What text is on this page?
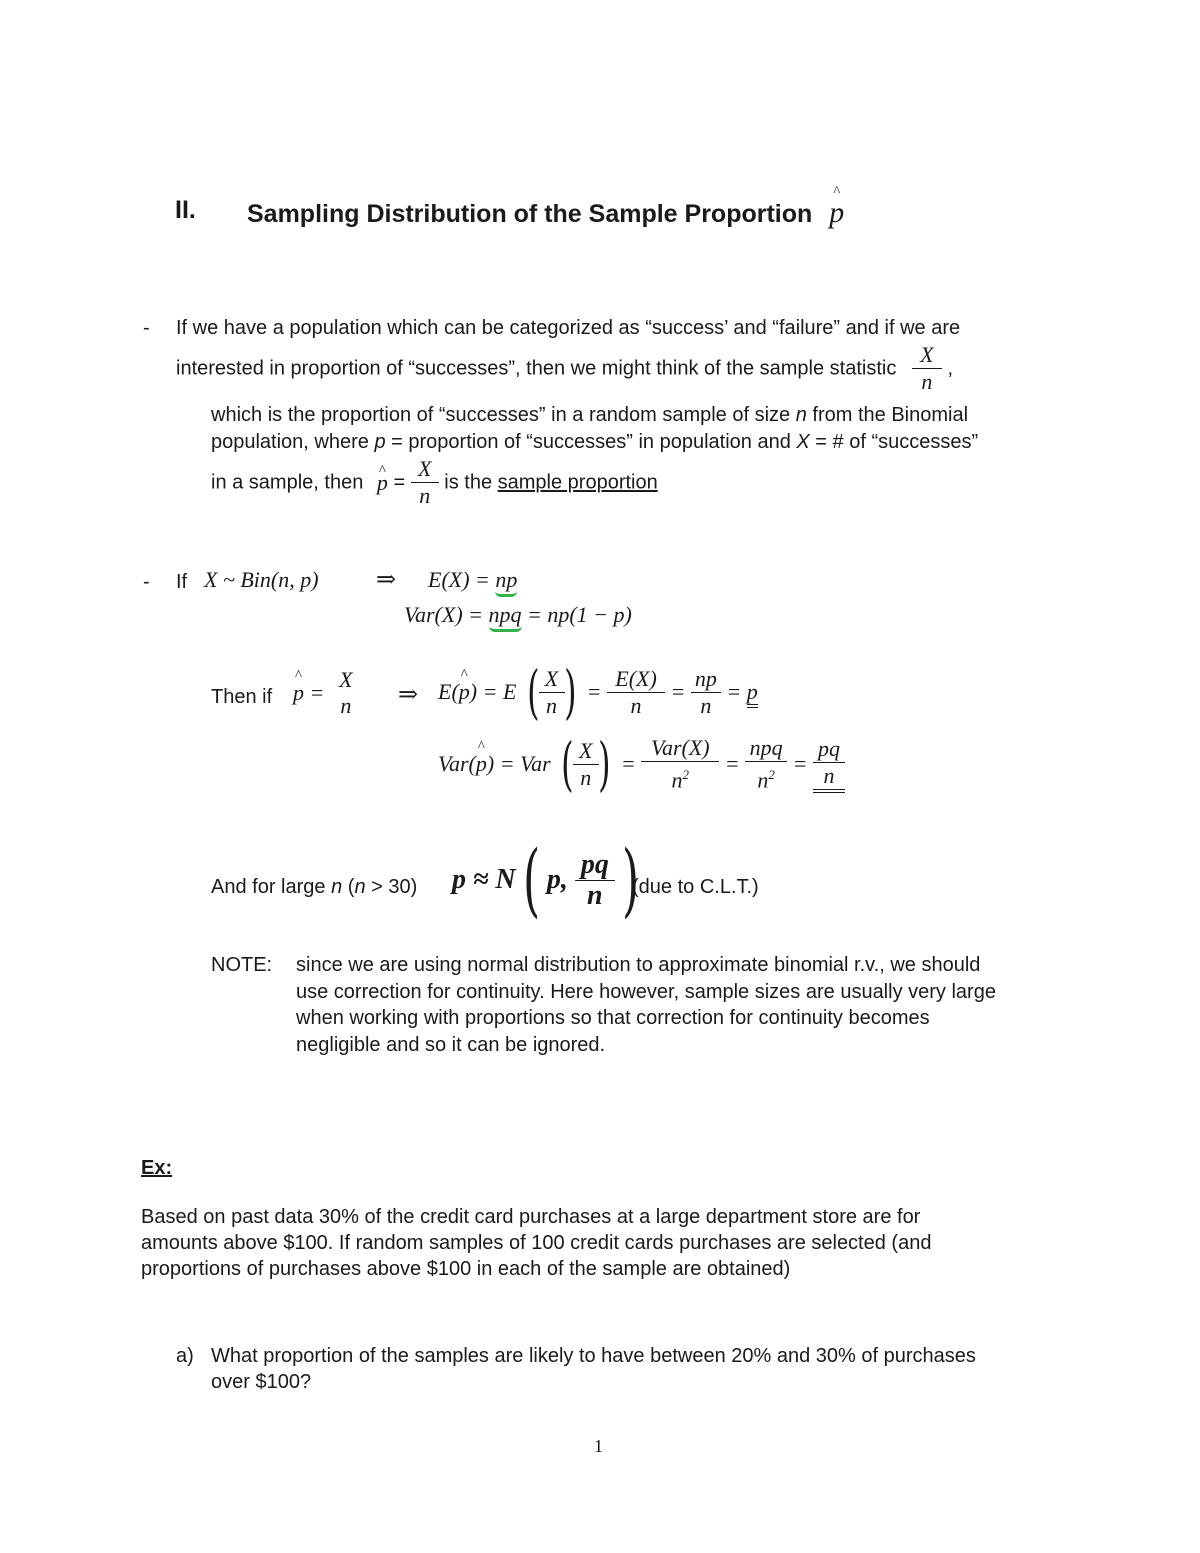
II. Sampling Distribution of the Sample Proportion ^ p
- If we have a population which can be categorized as “success’ and “failure” and if we are
interested in proportion of “successes”, then we might think of the sample statistic $\frac{X}{n}$ ,
which is the proportion of “successes” in a random sample of size n from the Binomial
population, where p = proportion of “successes” in population and X = # of “successes”
in a sample, then ^ $p = \frac{X}{n}$ is the sample proportion
- If X ~ Bin(n, p) ⇒ E(X) = np
Var(X) = npq = np(1 − p)
Then if ^ p =
X
n	⇒ E(^ p) = E ( $\frac{X}{n}$ ) = $\frac{E(X)}{n} = \frac{np}{n} = p$
Var(^ p) = Var ( $\frac{X}{n}$ ) = $\frac{\text{Var(X)}}{n^2} = \frac{\text{npq}}{n^2} = \frac{pq}{n}$
And for large n (n > 30) p ≈ N( p, $\frac{pq}{n}$ )
(due to C.L.T.)
NOTE: since we are using normal distribution to approximate binomial r.v., we should
use correction for continuity. Here however, sample sizes are usually very large
when working with proportions so that correction for continuity becomes
negligible and so it can be ignored.
Ex:
Based on past data 30% of the credit card purchases at a large department store are for
amounts above $100. If random samples of 100 credit cards purchases are selected (and
proportions of purchases above $100 in each of the sample are obtained)
a) What proportion of the samples are likely to have between 20% and 30% of purchases
over $100?
1
